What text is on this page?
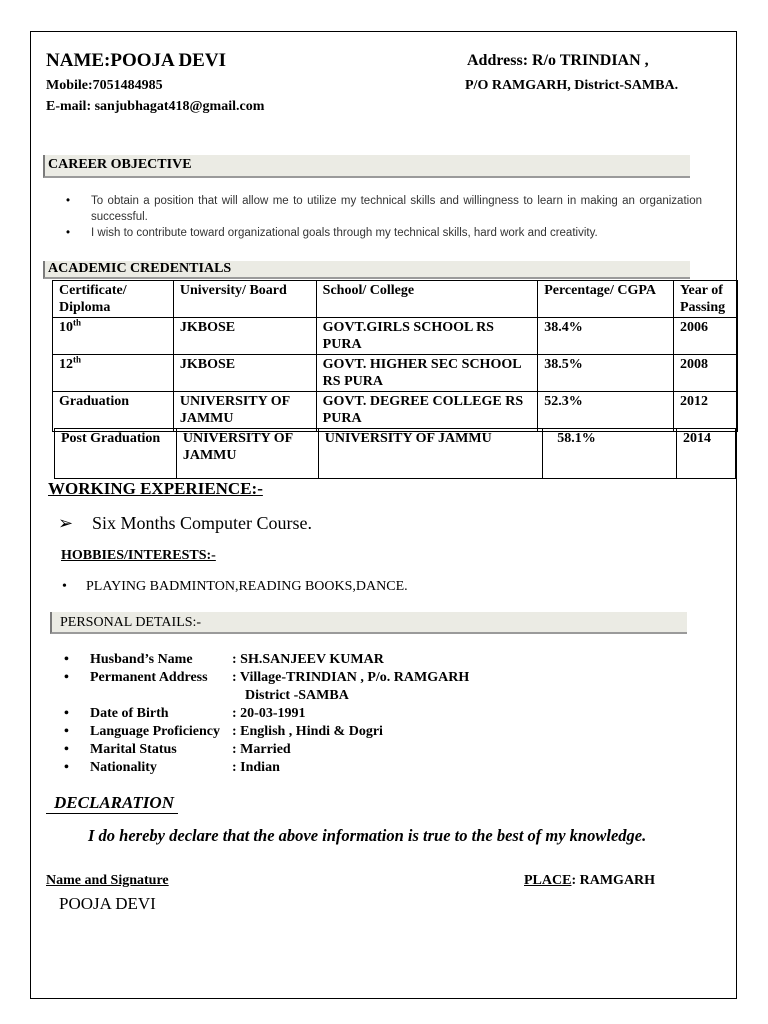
NAME:POOJA DEVI	Address: R/o TRINDIAN ,
Mobile:7051484985	P/O RAMGARH, District-SAMBA.
E-mail: sanjubhagat418@gmail.com
CAREER OBJECTIVE
• To obtain a position that will allow me to utilize my technical skills and willingness to learn in making an organization successful.
• I wish to contribute toward organizational goals through my technical skills, hard work and creativity.
ACADEMIC CREDENTIALS
Certificate/ Diploma	University/ Board	School/ College	Percentage/ CGPA	Year of Passing
10th	JKBOSE	GOVT.GIRLS SCHOOL RS PURA	38.4%	2006
12th	JKBOSE	GOVT. HIGHER SEC SCHOOL RS PURA	38.5%	2008
Graduation	UNIVERSITY OF JAMMU	GOVT. DEGREE COLLEGE RS PURA	52.3%	2012
Post Graduation	UNIVERSITY OF JAMMU	UNIVERSITY OF JAMMU	58.1%	2014
WORKING EXPERIENCE:-
➢ Six Months Computer Course.
HOBBIES/INTERESTS:-
• PLAYING BADMINTON,READING BOOKS,DANCE.
PERSONAL DETAILS:-
• Husband’s Name	: SH.SANJEEV KUMAR
• Permanent Address : Village-TRINDIAN , P/o. RAMGARH
District -SAMBA
• Date of Birth	: 20-03-1991
• Language Proficiency : English , Hindi & Dogri
• Marital Status	: Married
• Nationality	: Indian
DECLARATION
I do hereby declare that the above information is true to the best of my knowledge.
Name and Signature	PLACE: RAMGARH
POOJA DEVI
